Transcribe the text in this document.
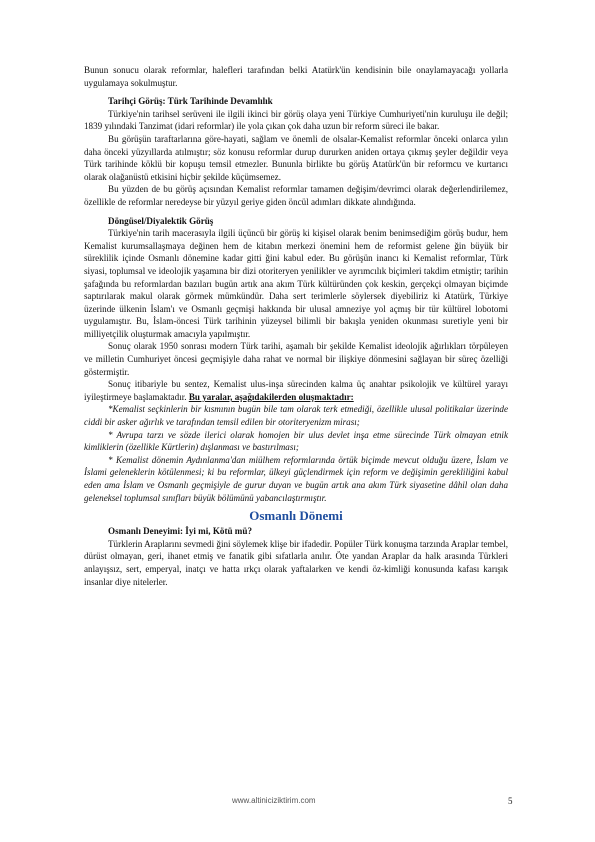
Bunun sonucu olarak reformlar, halefleri tarafından belki Atatürk'ün kendisinin bile onaylamayacağı yollarla uygulamaya sokulmuştur.

Tarihçi Görüş: Türk Tarihinde Devamlılık

Türkiye'nin tarihsel serüveni ile ilgili ikinci bir görüş olaya yeni Türkiye Cumhuriyeti'nin kuruluşu ile değil; 1839 yılındaki Tanzimat (idari reformlar) ile yola çıkan çok daha uzun bir reform süreci ile bakar.

Bu görüşün taraftarlarına göre-hayati, sağlam ve önemli de olsalar-Kemalist reformlar önceki onlarca yılın daha önceki yüzyıllarda atılmıştır; söz konusu reformlar durup dururken aniden ortaya çıkmış şeyler değildir veya Türk tarihinde köklü bir kopuşu temsil etmezler. Bununla birlikte bu görüş Atatürk'ün bir reformcu ve kurtarıcı olarak olağanüstü etkisini hiçbir şekilde küçümsemez.

Bu yüzden de bu görüş açısından Kemalist reformlar tamamen değişim/devrimci olarak değerlendirilemez, özellikle de reformlar neredeyse bir yüzyıl geriye giden öncül adımları dikkate alındığında.

Döngüsel/Diyalektik Görüş

Türkiye'nin tarih macerasıyla ilgili üçüncü bir görüş ki kişisel olarak benim benimsediğim görüş budur, hem Kemalist kurumsallaşmaya değinen hem de kitabın merkezi önemini hem de reformist gelene ğin büyük bir süreklilik içinde Osmanlı dönemine kadar gitti ğini kabul eder. Bu görüşün inancı ki Kemalist reformlar, Türk siyasi, toplumsal ve ideolojik yaşamına bir dizi otoriteryen yenilikler ve ayrımcılık biçimleri takdim etmiştir; tarihin şafağında bu reformlardan bazıları bugün artık ana akım Türk kültüründen çok keskin, gerçekçi olmayan biçimde saptırılarak makul olarak görmek mümkündür. Daha sert terimlerle söylersek diyebiliriz ki Atatürk, Türkiye üzerinde ülkenin İslam'ı ve Osmanlı geçmişi hakkında bir ulusal amneziye yol açmış bir tür kültürel lobotomi uygulamıştır. Bu, İslam-öncesi Türk tarihinin yüzeysel bilimli bir bakışla yeniden okunması suretiyle yeni bir milliyetçilik oluşturmak amacıyla yapılmıştır.

Sonuç olarak 1950 sonrası modern Türk tarihi, aşamalı bir şekilde Kemalist ideolojik ağırlıkları törpüleyen ve milletin Cumhuriyet öncesi geçmişiyle daha rahat ve normal bir ilişkiye dönmesini sağlayan bir süreç özelliği göstermiştir.

Sonuç itibariyle bu sentez, Kemalist ulus-inşa sürecinden kalma üç anahtar psikolojik ve kültürel yarayı iyileştirmeye başlamaktadır. Bu yaralar, aşağıdakilerden oluşmaktadır:

*Kemalist seçkinlerin bir kısmının bugün bile tam olarak terk etmediği, özellikle ulusal politikalar üzerinde ciddi bir asker ağırlık ve tarafından temsil edilen bir otoriteryenizm mirası;

* Avrupa tarzı ve sözde ilerici olarak homojen bir ulus devlet inşa etme sürecinde Türk olmayan etnik kimliklerin (özellikle Kürtlerin) dışlanması ve bastırılması;

* Kemalist dönemin Aydınlanma'dan miülhem reformlarında örtük biçimde mevcut olduğu üzere, İslam ve İslami geleneklerin kötülenmesi; ki bu reformlar, ülkeyi güçlendirmek için reform ve değişimin gerekliliğini kabul eden ama İslam ve Osmanlı geçmişiyle de gurur duyan ve bugün artık ana akım Türk siyasetine dâhil olan daha geleneksel toplumsal sınıfları büyük bölümünü yabancılaştırmıştır.

Osmanlı Dönemi

Osmanlı Deneyimi: İyi mi, Kötü mü?

Türklerin Araplarını sevmedi ğini söylemek klişe bir ifadedir. Popüler Türk konuşma tarzında Araplar tembel, dürüst olmayan, geri, ihanet etmiş ve fanatik gibi sıfatlarla anılır. Öte yandan Araplar da halk arasında Türkleri anlayışsız, sert, emperyal, inatçı ve hatta ırkçı olarak yaftalarken ve kendi öz-kimliği konusunda kafası karışık insanlar diye nitelerler.

www.altiniciziktirim.com	5
